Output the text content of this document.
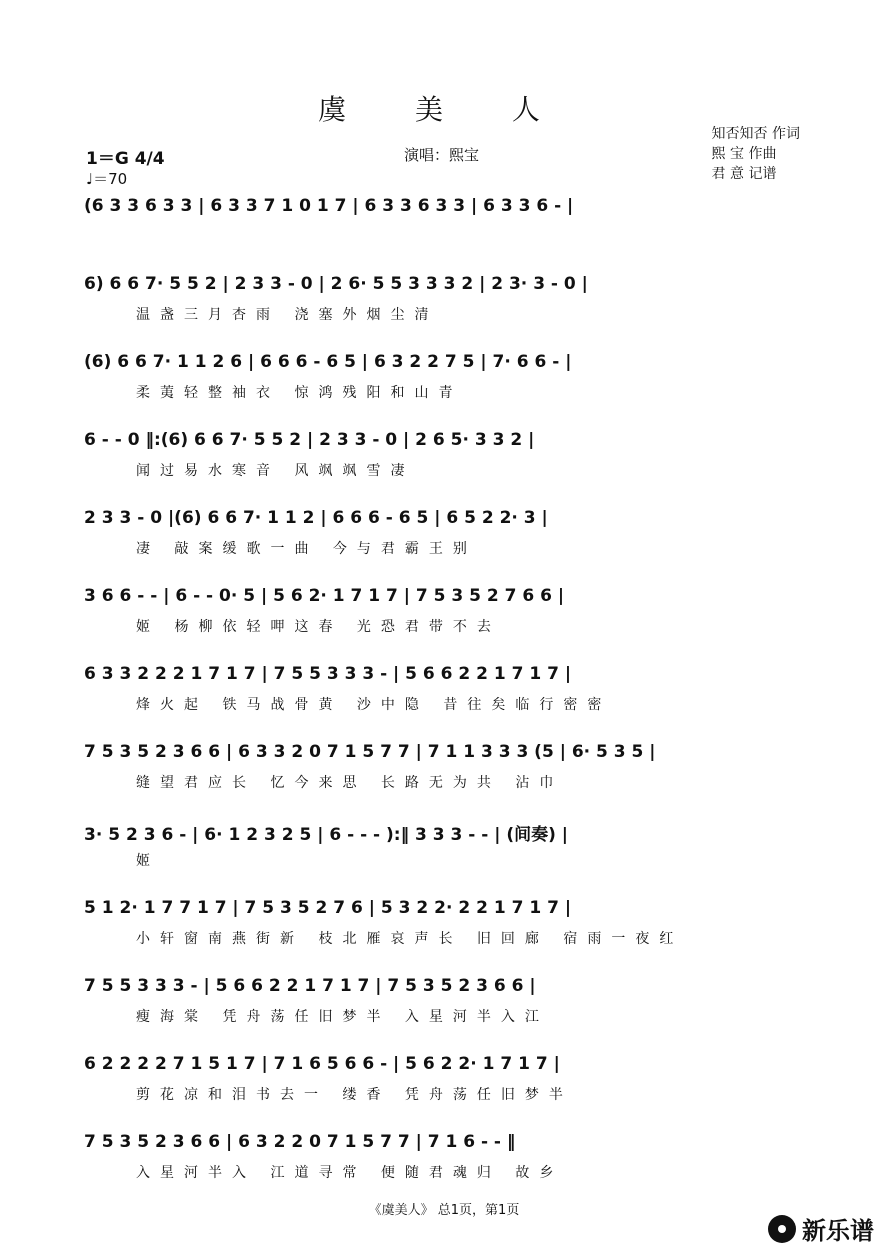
虞 美 人
知否知否 作词
熙 宝 作曲
君 意 记谱
1＝G 4/4
♩＝70
演唱：熙宝
(6 3 3 6 3 3 | 6 3 3 7 1 0 1 7 | 6 3 3 6 3 3 | 6 3 3 6 - |
6) 6 6 7· 5 5 2 | 2 3 3 - 0 | 2 6· 5 5 3 3 3 2 | 2 3· 3 - 0 |
温盏三月杏雨 浇塞外烟尘清
(6) 6 6 7· 1 1 2 6 | 6 6 6 - 6 5 | 6 3 2 2 7 5 | 7· 6 6 - |
柔荑轻整袖衣 惊鸿残阳和山青
6 - - 0 ‖:(6) 6 6 7· 5 5 2 | 2 3 3 - 0 | 2 6 5· 3 3 2 |
闻过易水寒音 风飒飒雪凄
2 3 3 - 0 |(6) 6 6 7· 1 1 2 | 6 6 6 - 6 5 | 6 5 2 2· 3 |
凄 敲案缓歌一曲 今与君霸王别
3 6 6 - - | 6 - - 0· 5 | 5 6 2· 1 7 1 7 | 7 5 3 5 2 7 6 6 |
姬 杨柳依轻呷这春 光恐君带不去
6 3 3 2 2 2 1 7 1 7 | 7 5 5 3 3 3 - | 5 6 6 2 2 1 7 1 7 |
烽火起 铁马战骨黄 沙中隐 昔往矣临行密密
7 5 3 5 2 3 6 6 | 6 3 3 2 0 7 1 5 7 7 | 7 1 1 3 3 3 (5 | 6· 5 3 5 |
缝望君应长 忆今来思 长路无为共 沾巾
3· 5 2 3 6 - | 6· 1 2 3 2 5 | 6 - - - ):‖ 3 3 3 - - | (间奏) |
姬
5 1 2· 1 7 7 1 7 | 7 5 3 5 2 7 6 | 5 3 2 2· 2 2 1 7 1 7 |
小轩窗南燕街新 枝北雁哀声长 旧回廊 宿雨一夜红
7 5 5 3 3 3 - | 5 6 6 2 2 1 7 1 7 | 7 5 3 5 2 3 6 6 |
瘦海棠 凭舟荡任旧梦半 入星河半入江
6 2 2 2 2 7 1 5 1 7 | 7 1 6 5 6 6 - | 5 6 2 2· 1 7 1 7 |
剪花凉和泪书去一 缕香 凭舟荡任旧梦半
7 5 3 5 2 3 6 6 | 6 3 2 2 0 7 1 5 7 7 | 7 1 6 - - ‖
入星河半入 江道寻常 便随君魂归 故乡
《虞美人》 总1页，第1页
新乐谱
